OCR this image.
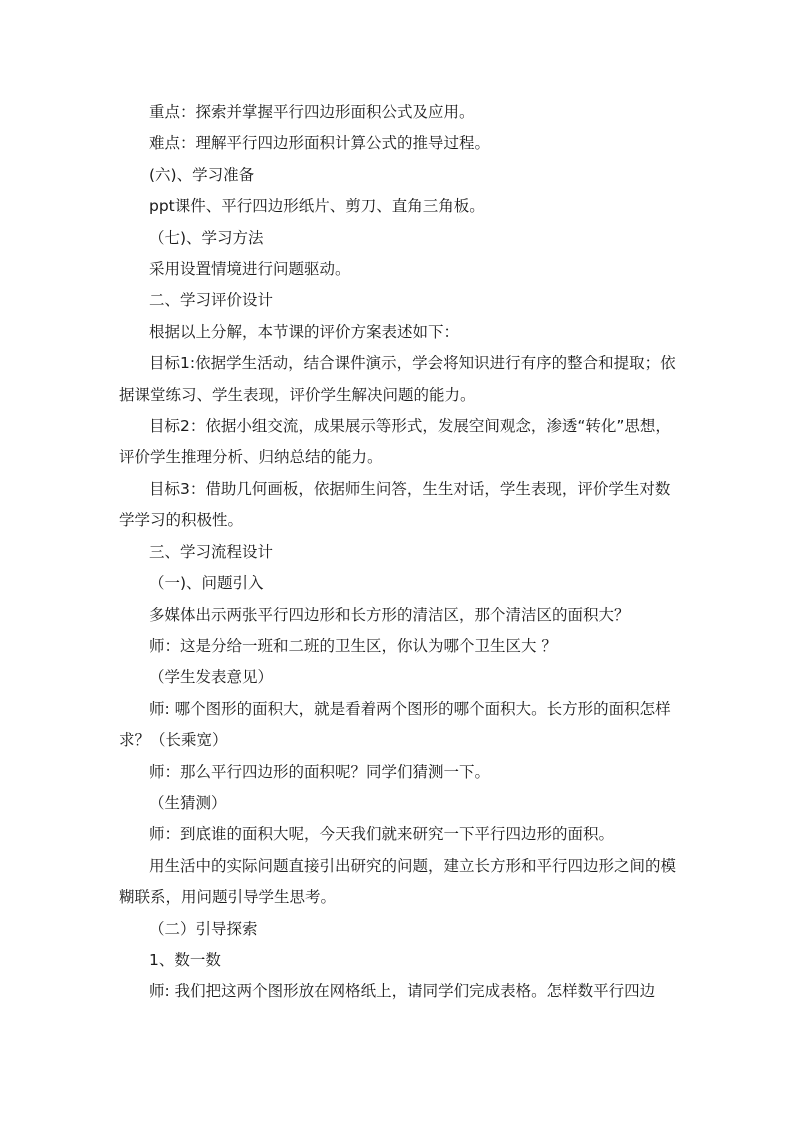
重点：探索并掌握平行四边形面积公式及应用。

难点：理解平行四边形面积计算公式的推导过程。

(六)、学习准备

ppt课件、平行四边形纸片、剪刀、直角三角板。

（七)、学习方法

采用设置情境进行问题驱动。

二、学习评价设计

根据以上分解，本节课的评价方案表述如下：

目标1:依据学生活动，结合课件演示，学会将知识进行有序的整合和提取；依据课堂练习、学生表现，评价学生解决问题的能力。

目标2：依据小组交流，成果展示等形式，发展空间观念，渗透“转化”思想，评价学生推理分析、归纳总结的能力。

目标3：借助几何画板，依据师生问答，生生对话，学生表现，评价学生对数学学习的积极性。

三、学习流程设计

（一)、问题引入

多媒体出示两张平行四边形和长方形的清洁区，那个清洁区的面积大？

师：这是分给一班和二班的卫生区，你认为哪个卫生区大 ？

（学生发表意见）

师: 哪个图形的面积大，就是看着两个图形的哪个面积大。长方形的面积怎样求？（长乘宽）

师：那么平行四边形的面积呢？同学们猜测一下。

（生猜测）

师：到底谁的面积大呢，今天我们就来研究一下平行四边形的面积。

用生活中的实际问题直接引出研究的问题，建立长方形和平行四边形之间的模糊联系，用问题引导学生思考。

（二）引导探索

1、数一数

师: 我们把这两个图形放在网格纸上，请同学们完成表格。怎样数平行四边
